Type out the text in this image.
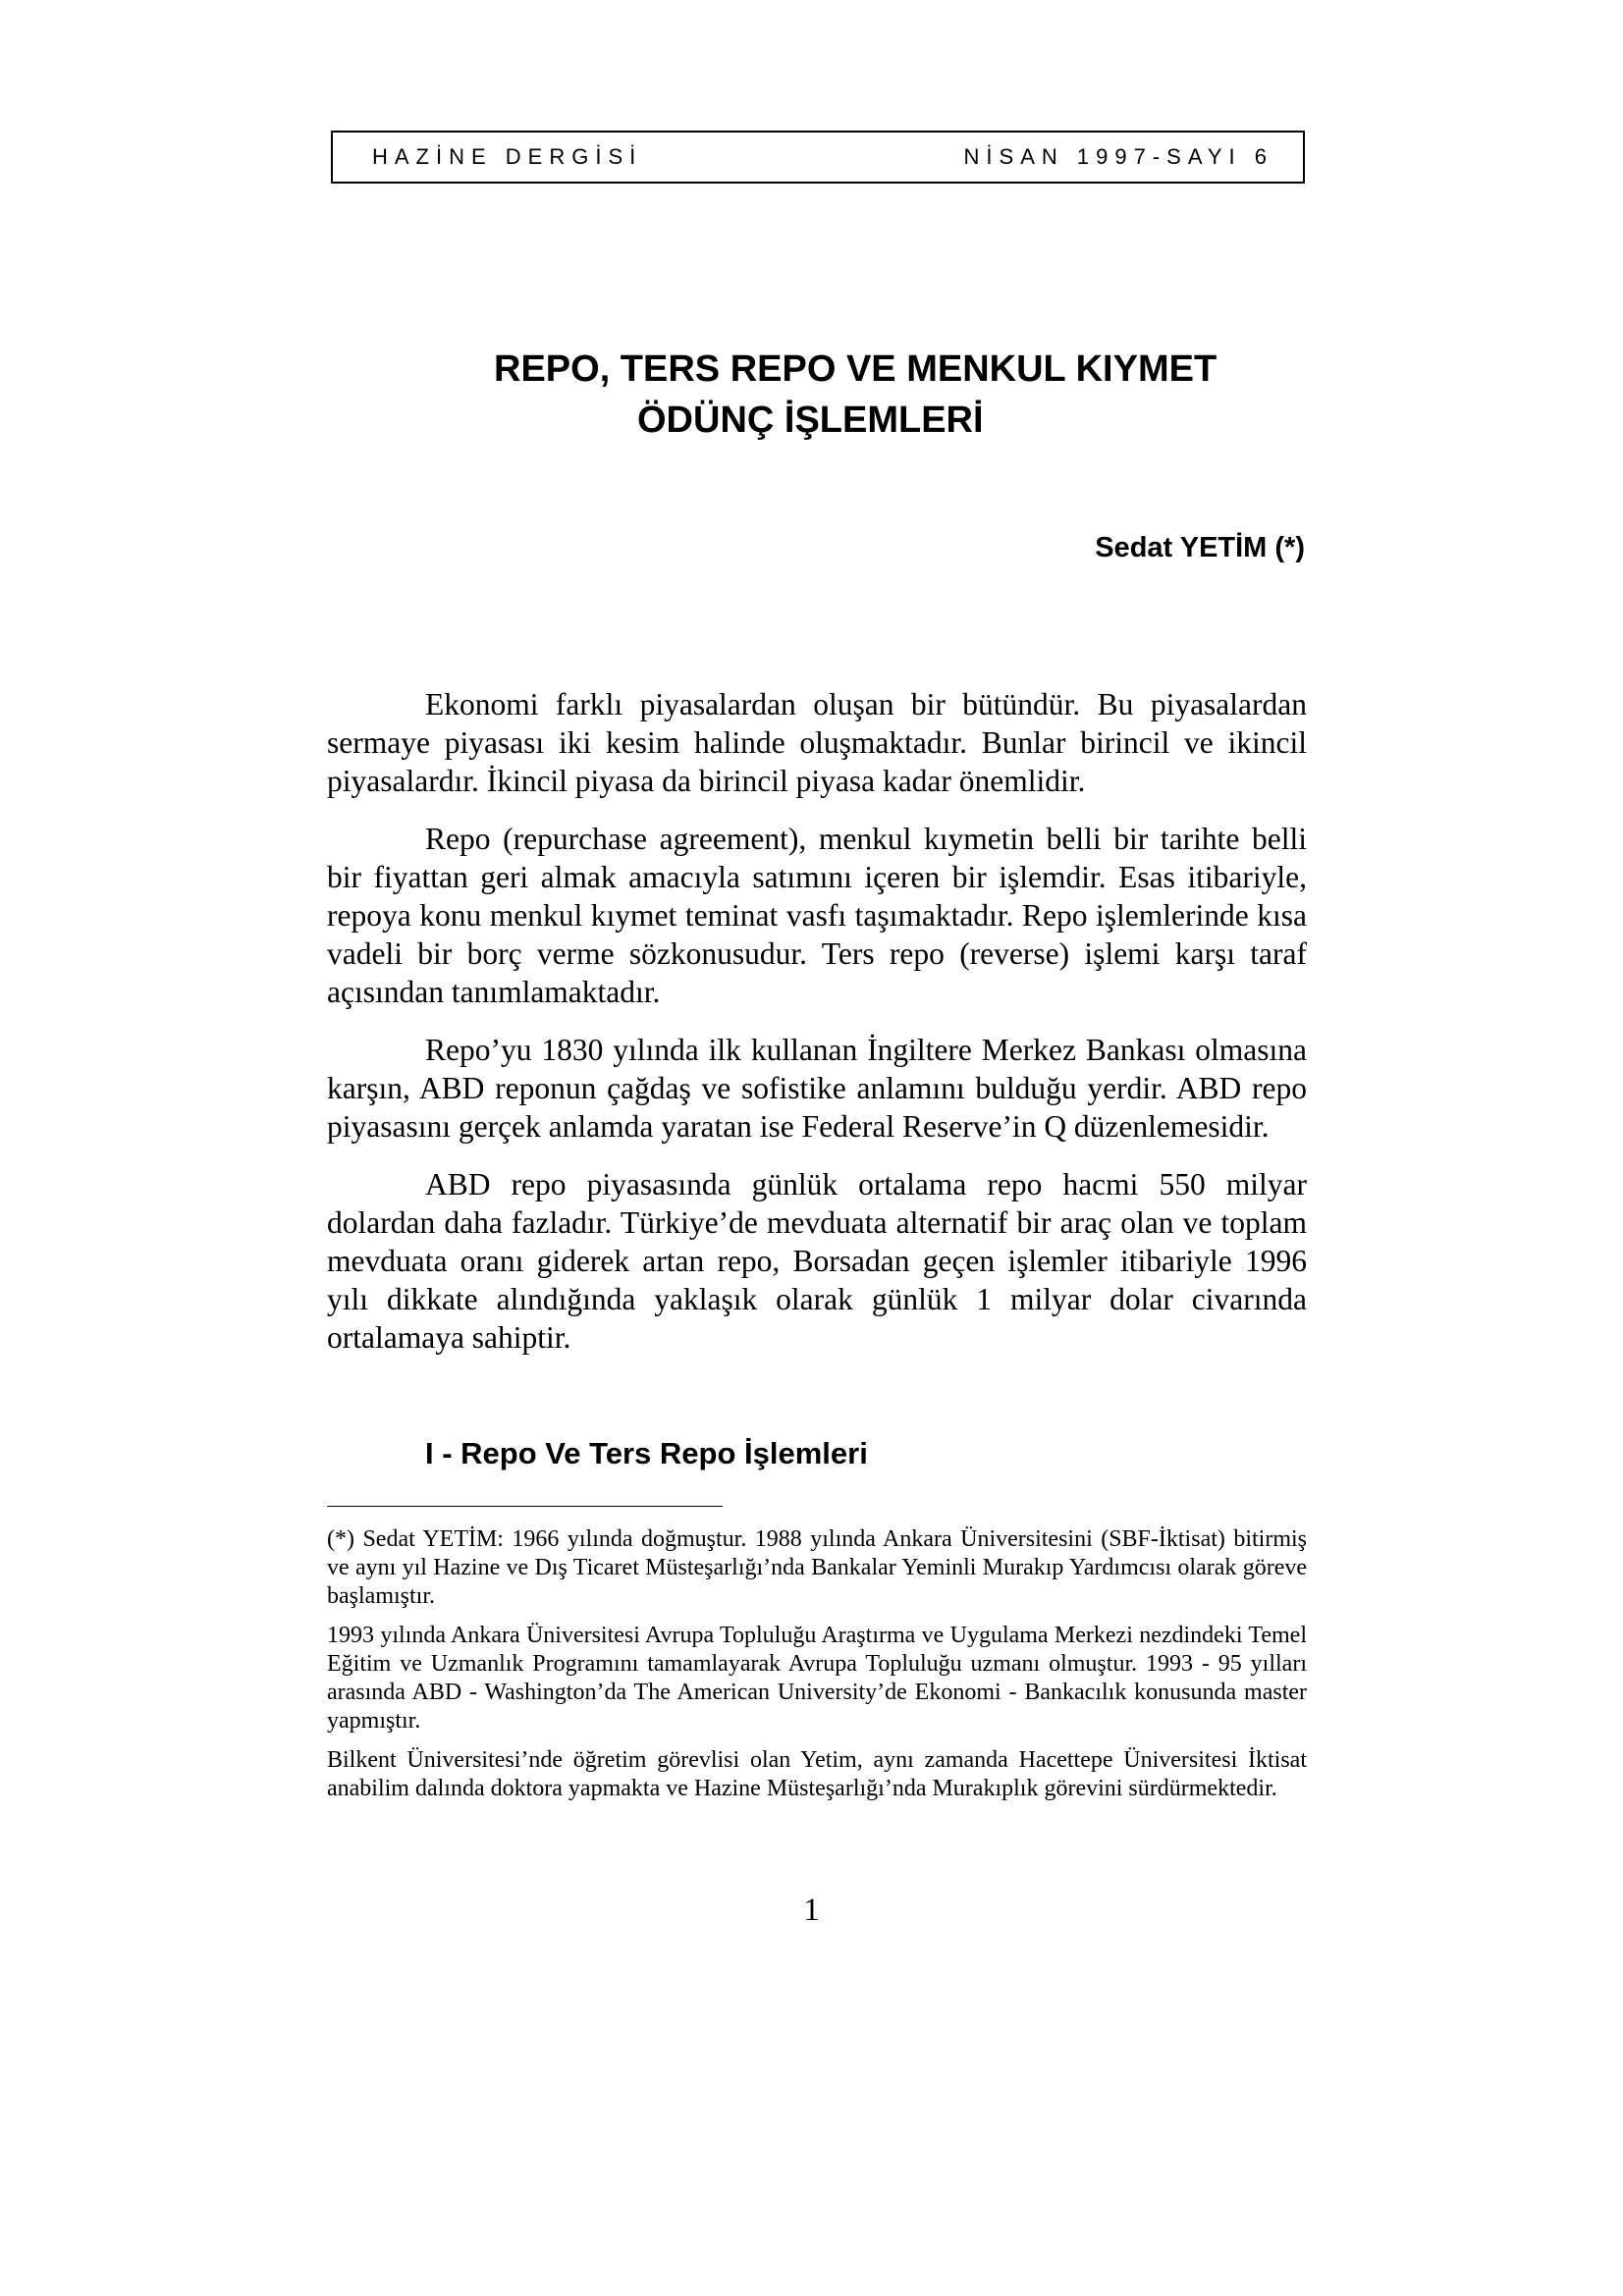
HAZİNE DERGİSİ	NİSAN 1997-SAYI 6
REPO, TERS REPO VE MENKUL KIYMET
ÖDÜNÇ İŞLEMLERİ
Sedat YETİM (*)

Ekonomi farklı piyasalardan oluşan bir bütündür. Bu piyasalardan sermaye piyasası iki kesim halinde oluşmaktadır. Bunlar birincil ve ikincil piyasalardır. İkincil piyasa da birincil piyasa kadar önemlidir.

Repo (repurchase agreement), menkul kıymetin belli bir tarihte belli bir fiyattan geri almak amacıyla satımını içeren bir işlemdir. Esas itibariyle, repoya konu menkul kıymet teminat vasfı taşımaktadır. Repo işlemlerinde kısa vadeli bir borç verme sözkonusudur. Ters repo (reverse) işlemi karşı taraf açısından tanımlamaktadır.

Repo’yu 1830 yılında ilk kullanan İngiltere Merkez Bankası olmasına karşın, ABD reponun çağdaş ve sofistike anlamını bulduğu yerdir. ABD repo piyasasını gerçek anlamda yaratan ise Federal Reserve’in Q düzenlemesidir.

ABD repo piyasasında günlük ortalama repo hacmi 550 milyar dolardan daha fazladır. Türkiye’de mevduata alternatif bir araç olan ve toplam mevduata oranı giderek artan repo, Borsadan geçen işlemler itibariyle 1996 yılı dikkate alındığında yaklaşık olarak günlük 1 milyar dolar civarında ortalamaya sahiptir.

I - Repo Ve Ters Repo İşlemleri

(*) Sedat YETİM: 1966 yılında doğmuştur. 1988 yılında Ankara Üniversitesini (SBF-İktisat) bitirmiş ve aynı yıl Hazine ve Dış Ticaret Müsteşarlığı’nda Bankalar Yeminli Murakıp Yardımcısı olarak göreve başlamıştır.

1993 yılında Ankara Üniversitesi Avrupa Topluluğu Araştırma ve Uygulama Merkezi nezdindeki Temel Eğitim ve Uzmanlık Programını tamamlayarak Avrupa Topluluğu uzmanı olmuştur. 1993 - 95 yılları arasında ABD - Washington’da The American University’de Ekonomi - Bankacılık konusunda master yapmıştır.

Bilkent Üniversitesi’nde öğretim görevlisi olan Yetim, aynı zamanda Hacettepe Üniversitesi İktisat anabilim dalında doktora yapmakta ve Hazine Müsteşarlığı’nda Murakıplık görevini sürdürmektedir.

1
